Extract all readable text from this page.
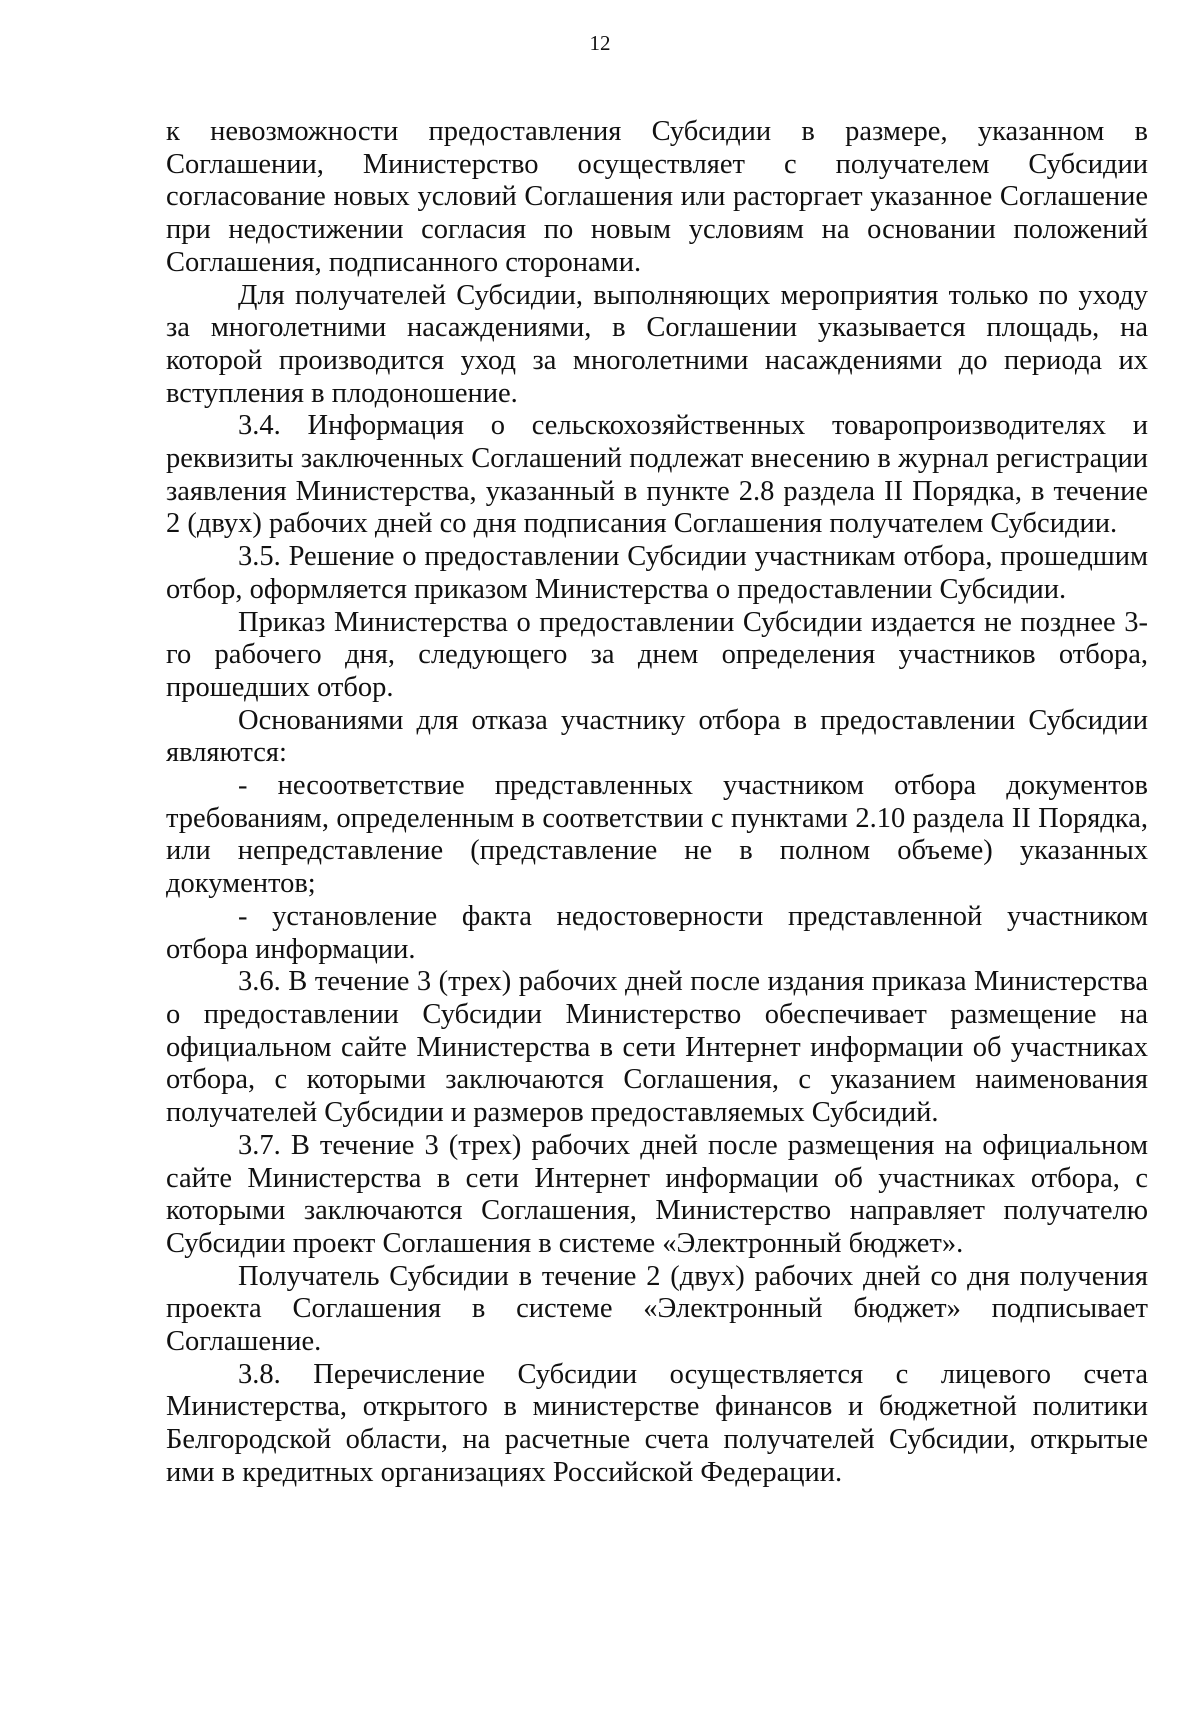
12

к невозможности предоставления Субсидии в размере, указанном в Соглашении, Министерство осуществляет с получателем Субсидии согласование новых условий Соглашения или расторгает указанное Соглашение при недостижении согласия по новым условиям на основании положений Соглашения, подписанного сторонами.

Для получателей Субсидии, выполняющих мероприятия только по уходу за многолетними насаждениями, в Соглашении указывается площадь, на которой производится уход за многолетними насаждениями до периода их вступления в плодоношение.

3.4. Информация о сельскохозяйственных товаропроизводителях и реквизиты заключенных Соглашений подлежат внесению в журнал регистрации заявления Министерства, указанный в пункте 2.8 раздела II Порядка, в течение 2 (двух) рабочих дней со дня подписания Соглашения получателем Субсидии.

3.5. Решение о предоставлении Субсидии участникам отбора, прошедшим отбор, оформляется приказом Министерства о предоставлении Субсидии.

Приказ Министерства о предоставлении Субсидии издается не позднее 3-го рабочего дня, следующего за днем определения участников отбора, прошедших отбор.

Основаниями для отказа участнику отбора в предоставлении Субсидии являются:

- несоответствие представленных участником отбора документов требованиям, определенным в соответствии с пунктами 2.10 раздела II Порядка, или непредставление (представление не в полном объеме) указанных документов;

- установление факта недостоверности представленной участником отбора информации.

3.6. В течение 3 (трех) рабочих дней после издания приказа Министерства о предоставлении Субсидии Министерство обеспечивает размещение на официальном сайте Министерства в сети Интернет информации об участниках отбора, с которыми заключаются Соглашения, с указанием наименования получателей Субсидии и размеров предоставляемых Субсидий.

3.7. В течение 3 (трех) рабочих дней после размещения на официальном сайте Министерства в сети Интернет информации об участниках отбора, с которыми заключаются Соглашения, Министерство направляет получателю Субсидии проект Соглашения в системе «Электронный бюджет».

Получатель Субсидии в течение 2 (двух) рабочих дней со дня получения проекта Соглашения в системе «Электронный бюджет» подписывает Соглашение.

3.8. Перечисление Субсидии осуществляется с лицевого счета Министерства, открытого в министерстве финансов и бюджетной политики Белгородской области, на расчетные счета получателей Субсидии, открытые ими в кредитных организациях Российской Федерации.
